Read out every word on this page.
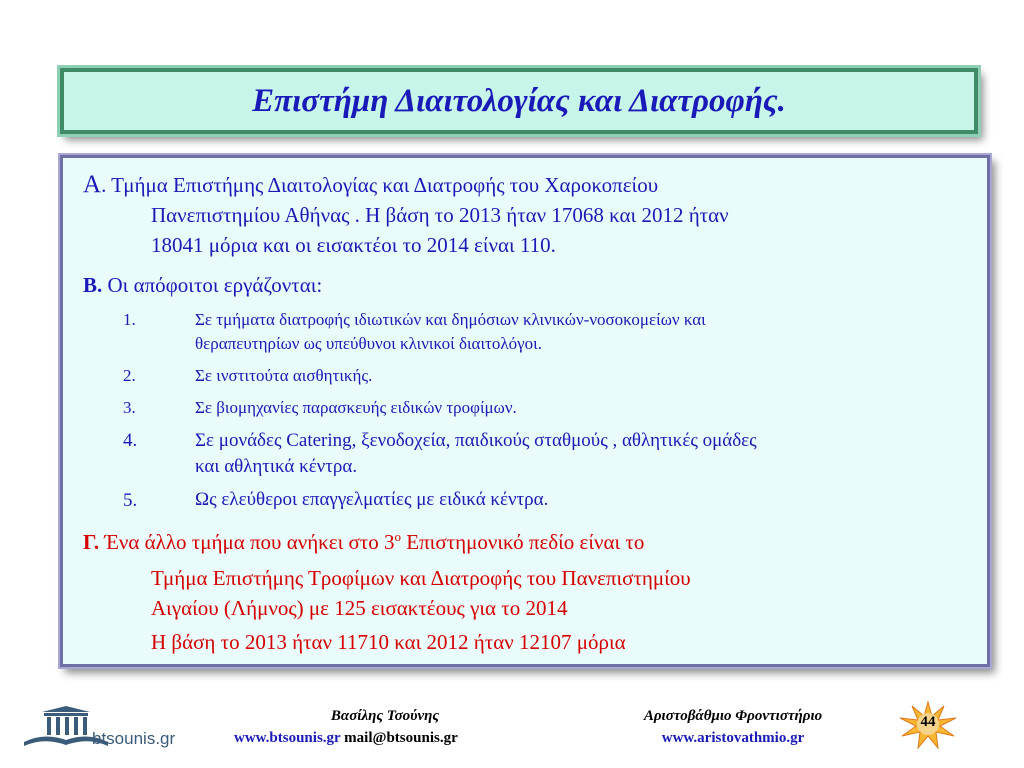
Επιστήμη Διαιτολογίας και Διατροφής.
Α. Τμήμα Επιστήμης Διαιτολογίας και Διατροφής του Χαροκοπείου
Πανεπιστημίου Αθήνας . Η βάση το 2013 ήταν 17068 και 2012 ήταν
18041 μόρια και οι εισακτέοι το 2014 είναι 110.
Β. Οι απόφοιτοι εργάζονται:
1.	Σε τμήματα διατροφής ιδιωτικών και δημόσιων κλινικών-νοσοκομείων και
θεραπευτηρίων ως υπεύθυνοι κλινικοί διαιτολόγοι.
2.	Σε ινστιτούτα αισθητικής.
3.	Σε βιομηχανίες παρασκευής ειδικών τροφίμων.
4.	Σε μονάδες Catering, ξενοδοχεία, παιδικούς σταθμούς , αθλητικές ομάδες
και αθλητικά κέντρα.
5.	Ως ελεύθεροι επαγγελματίες με ειδικά κέντρα.
Γ. Ένα άλλο τμήμα που ανήκει στο $3^o$ Επιστημονικό πεδίο είναι το
Τμήμα Επιστήμης Τροφίμων και Διατροφής του Πανεπιστημίου
Αιγαίου (Λήμνος) με 125 εισακτέους για το 2014
Η βάση το 2013 ήταν 11710 και 2012 ήταν 12107 μόρια
btsounis.gr
Βασίλης Τσούνης
www.btsounis.gr mail@btsounis.gr
Αριστοβάθμιο Φροντιστήριο
www.aristovathmio.gr
44
